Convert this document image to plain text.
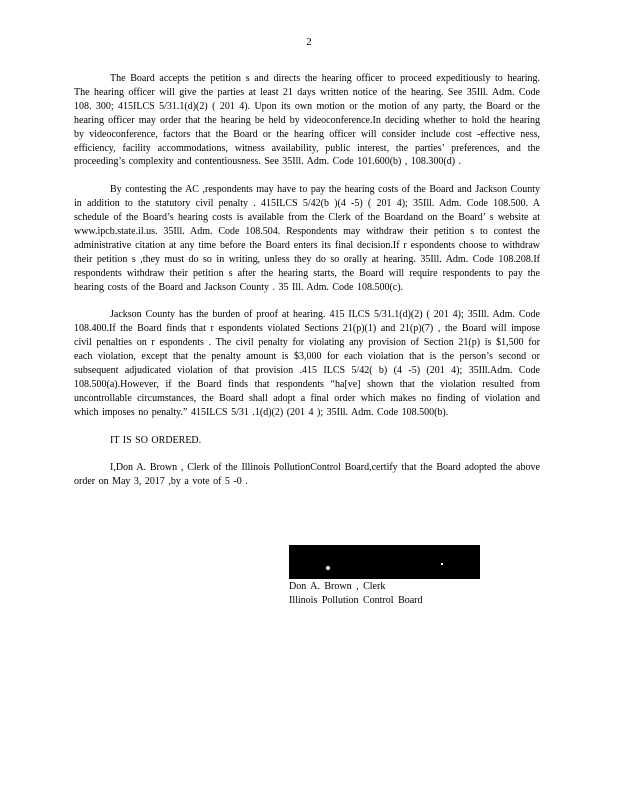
2

The Board accepts the petition s and directs the hearing officer to proceed expeditiously to hearing. The hearing officer will give the parties at least 21 days written notice of the hearing. See 35Ill. Adm. Code 108. 300; 415ILCS 5/31.1(d)(2) ( 201 4). Upon its own motion or the motion of any party, the Board or the hearing officer may order that the hearing be held by videoconference.In deciding whether to hold the hearing by videoconference, factors that the Board or the hearing officer will consider include cost -effective ness, efficiency, facility accommodations, witness availability, public interest, the parties’ preferences, and the proceeding’s complexity and contentiousness. See 35Ill. Adm. Code 101.600(b) , 108.300(d) .

By contesting the AC ,respondents may have to pay the hearing costs of the Board and Jackson County in addition to the statutory civil penalty . 415ILCS 5/42(b )(4 -5) ( 201 4); 35Ill. Adm. Code 108.500. A schedule of the Board’s hearing costs is available from the Clerk of the Boardand on the Board’ s website at www.ipcb.state.il.us. 35Ill. Adm. Code 108.504. Respondents may withdraw their petition s to contest the administrative citation at any time before the Board enters its final decision.If r espondents choose to withdraw their petition s ,they must do so in writing, unless they do so orally at hearing. 35Ill. Adm. Code 108.208.If respondents withdraw their petition s after the hearing starts, the Board will require respondents to pay the hearing costs of the Board and Jackson County . 35 Ill. Adm. Code 108.500(c).

Jackson County has the burden of proof at hearing. 415 ILCS 5/31.1(d)(2) ( 201 4); 35Ill. Adm. Code 108.400.If the Board finds that r espondents violated Sections 21(p)(1) and 21(p)(7) , the Board will impose civil penalties on r espondents . The civil penalty for violating any provision of Section 21(p) is $1,500 for each violation, except that the penalty amount is $3,000 for each violation that is the person’s second or subsequent adjudicated violation of that provision .415 ILCS 5/42( b) (4 -5) (201 4); 35Ill.Adm. Code 108.500(a).However, if the Board finds that respondents “ha[ve] shown that the violation resulted from uncontrollable circumstances, the Board shall adopt a final order which makes no finding of violation and which imposes no penalty.” 415ILCS 5/31 .1(d)(2) (201 4 ); 35Ill. Adm. Code 108.500(b).

IT IS SO ORDERED.

I,Don A. Brown , Clerk of the Illinois PollutionControl Board,certify that the Board adopted the above order on May 3, 2017 ,by a vote of 5 -0 .

Don A. Brown , Clerk
Illinois Pollution Control Board
